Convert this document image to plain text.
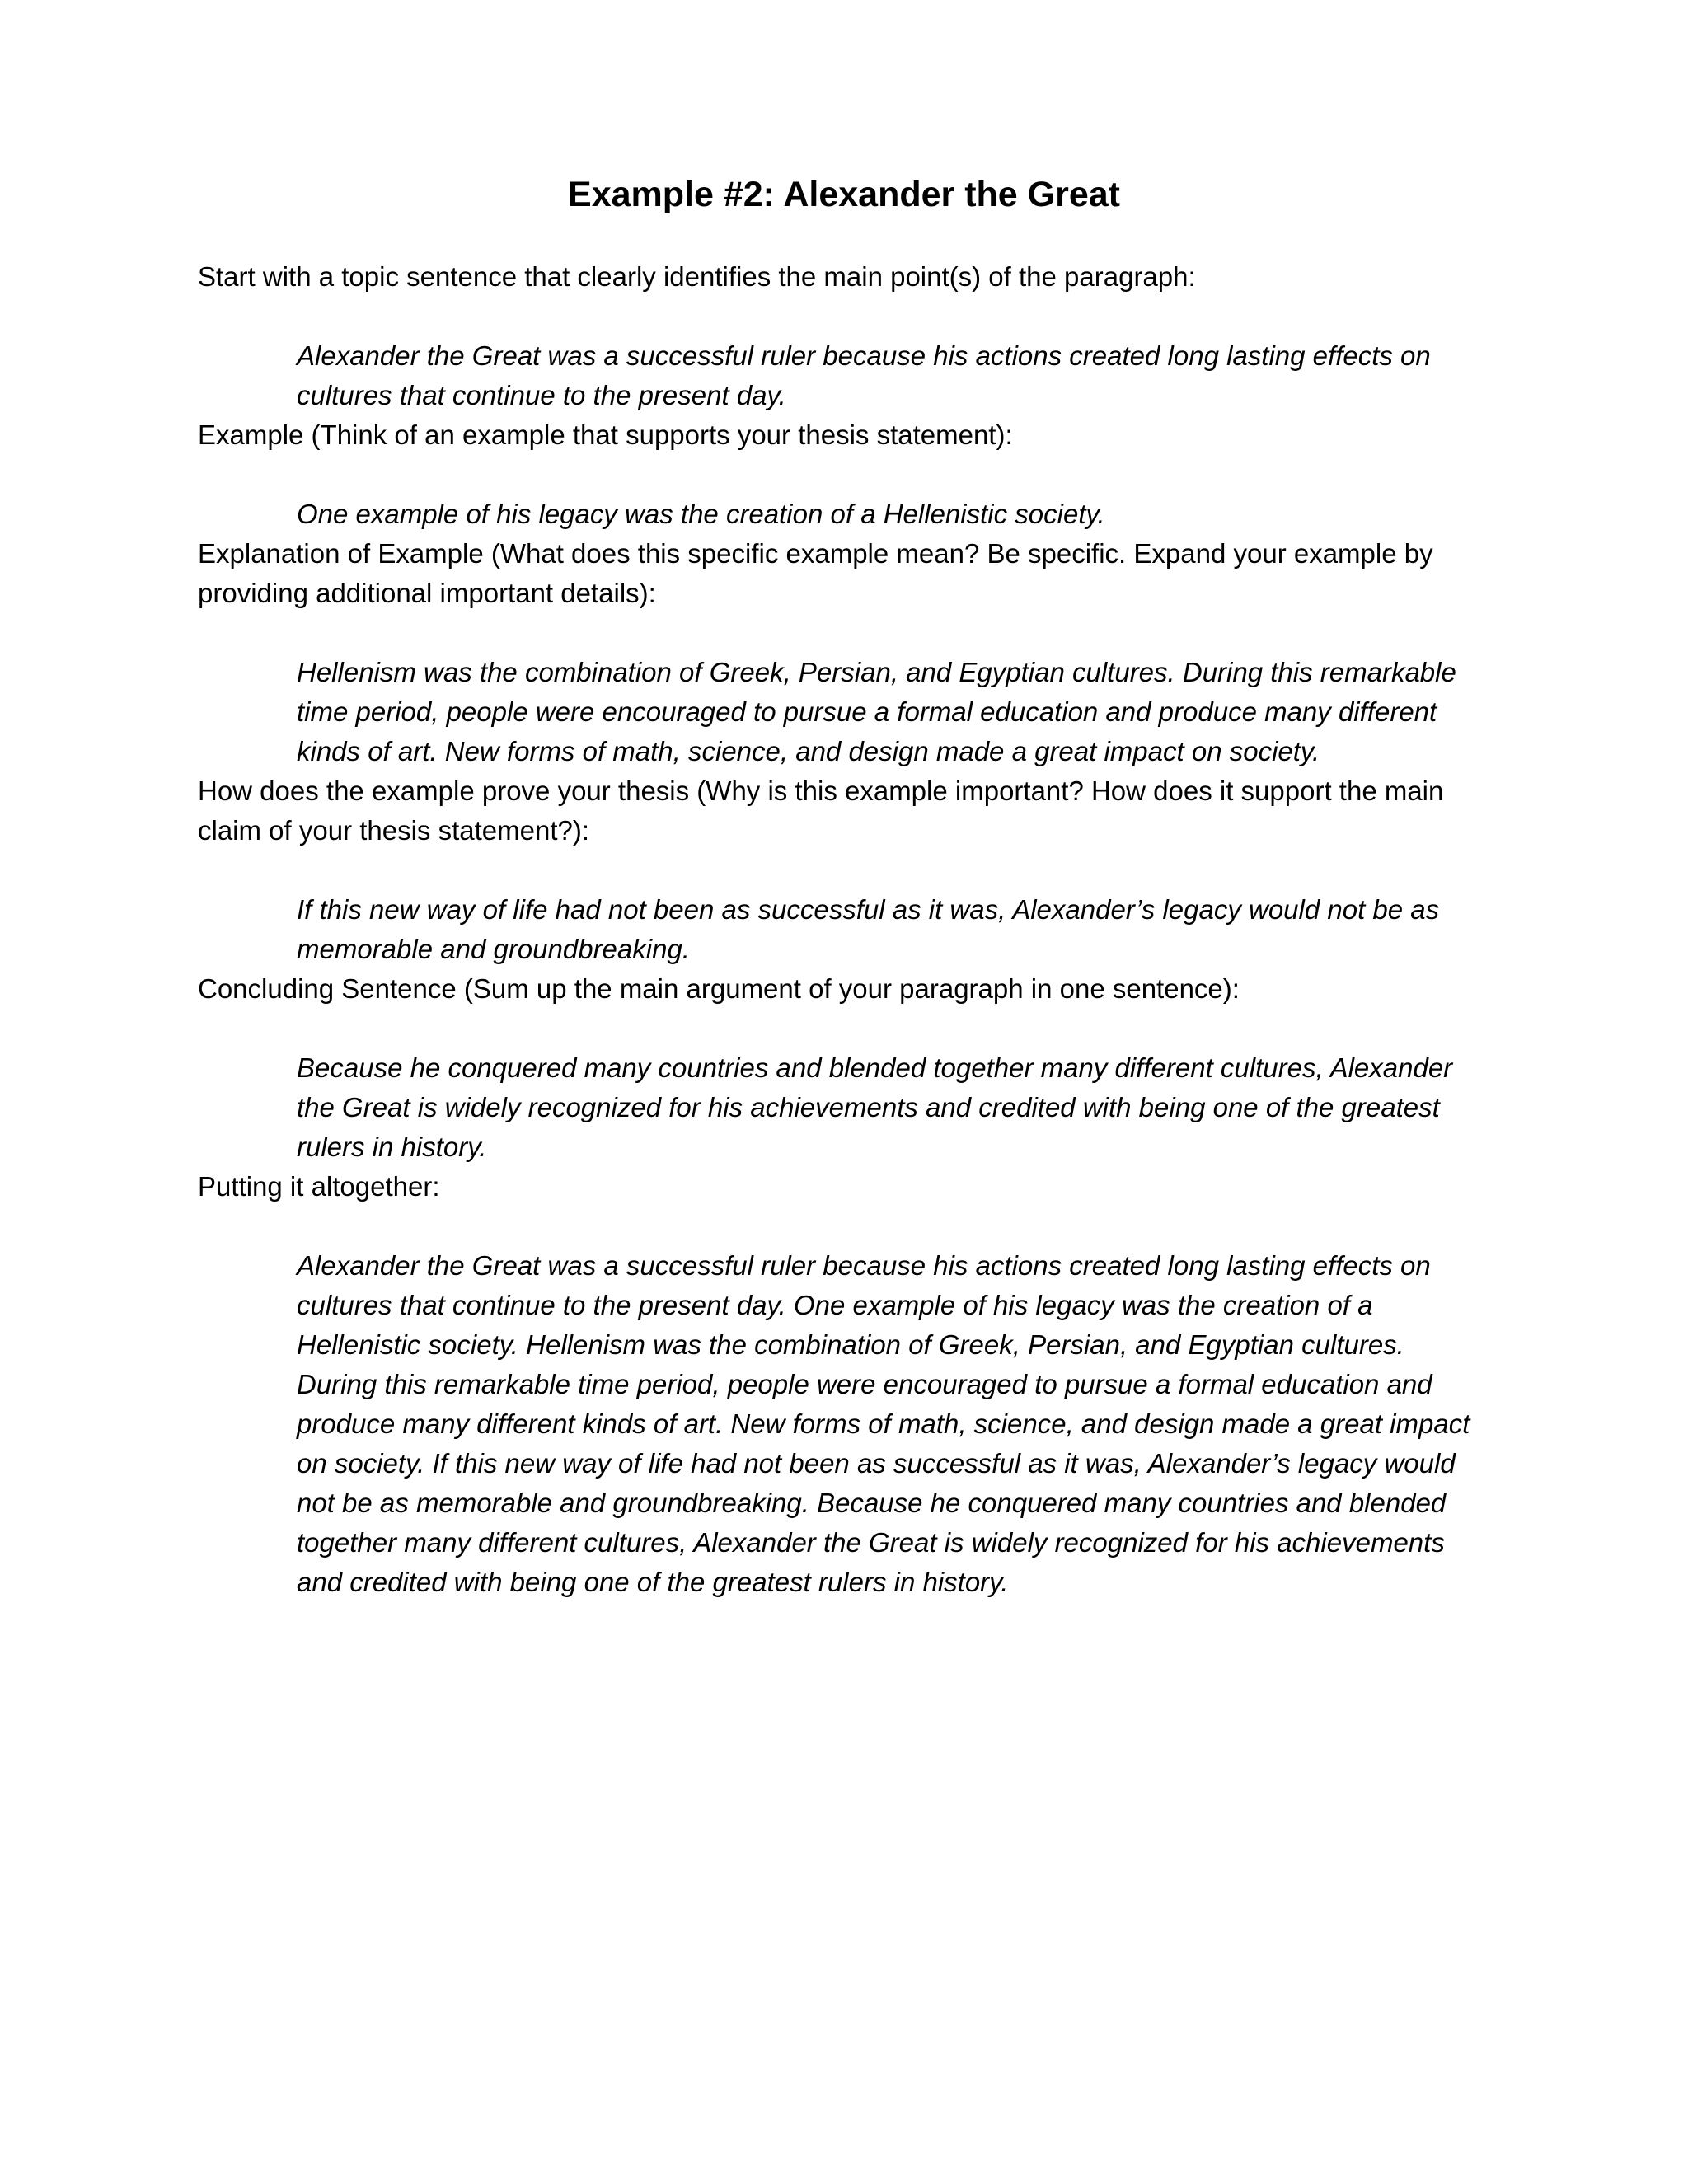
Example #2: Alexander the Great

Start with a topic sentence that clearly identifies the main point(s) of the paragraph:

Alexander the Great was a successful ruler because his actions created long lasting effects on cultures that continue to the present day.

Example (Think of an example that supports your thesis statement):

One example of his legacy was the creation of a Hellenistic society.

Explanation of Example (What does this specific example mean? Be specific. Expand your example by providing additional important details):

Hellenism was the combination of Greek, Persian, and Egyptian cultures. During this remarkable time period, people were encouraged to pursue a formal education and produce many different kinds of art. New forms of math, science, and design made a great impact on society.

How does the example prove your thesis (Why is this example important? How does it support the main claim of your thesis statement?):

If this new way of life had not been as successful as it was, Alexander’s legacy would not be as memorable and groundbreaking.

Concluding Sentence (Sum up the main argument of your paragraph in one sentence):

Because he conquered many countries and blended together many different cultures, Alexander the Great is widely recognized for his achievements and credited with being one of the greatest rulers in history.

Putting it altogether:

Alexander the Great was a successful ruler because his actions created long lasting effects on cultures that continue to the present day. One example of his legacy was the creation of a Hellenistic society. Hellenism was the combination of Greek, Persian, and Egyptian cultures. During this remarkable time period, people were encouraged to pursue a formal education and produce many different kinds of art. New forms of math, science, and design made a great impact on society. If this new way of life had not been as successful as it was, Alexander’s legacy would not be as memorable and groundbreaking. Because he conquered many countries and blended together many different cultures, Alexander the Great is widely recognized for his achievements and credited with being one of the greatest rulers in history.
